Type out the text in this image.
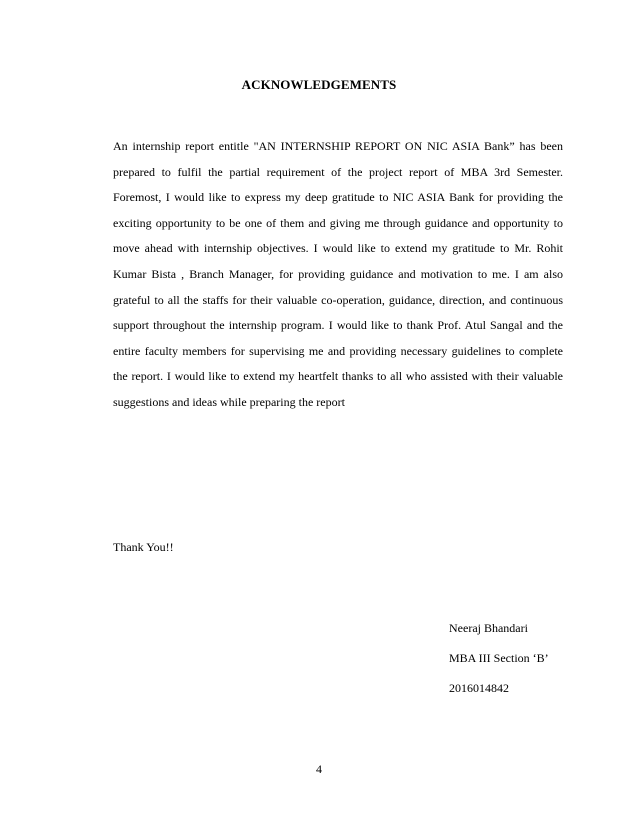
ACKNOWLEDGEMENTS

An internship report entitle "AN INTERNSHIP REPORT ON NIC ASIA Bank” has been prepared to fulfil the partial requirement of the project report of MBA 3rd Semester. Foremost, I would like to express my deep gratitude to NIC ASIA Bank for providing the exciting opportunity to be one of them and giving me through guidance and opportunity to move ahead with internship objectives. I would like to extend my gratitude to Mr. Rohit Kumar Bista , Branch Manager, for providing guidance and motivation to me. I am also grateful to all the staffs for their valuable co-operation, guidance, direction, and continuous support throughout the internship program. I would like to thank Prof. Atul Sangal and the entire faculty members for supervising me and providing necessary guidelines to complete the report. I would like to extend my heartfelt thanks to all who assisted with their valuable suggestions and ideas while preparing the report

Thank You!!
Neeraj Bhandari
MBA III Section ‘B’
2016014842
4
